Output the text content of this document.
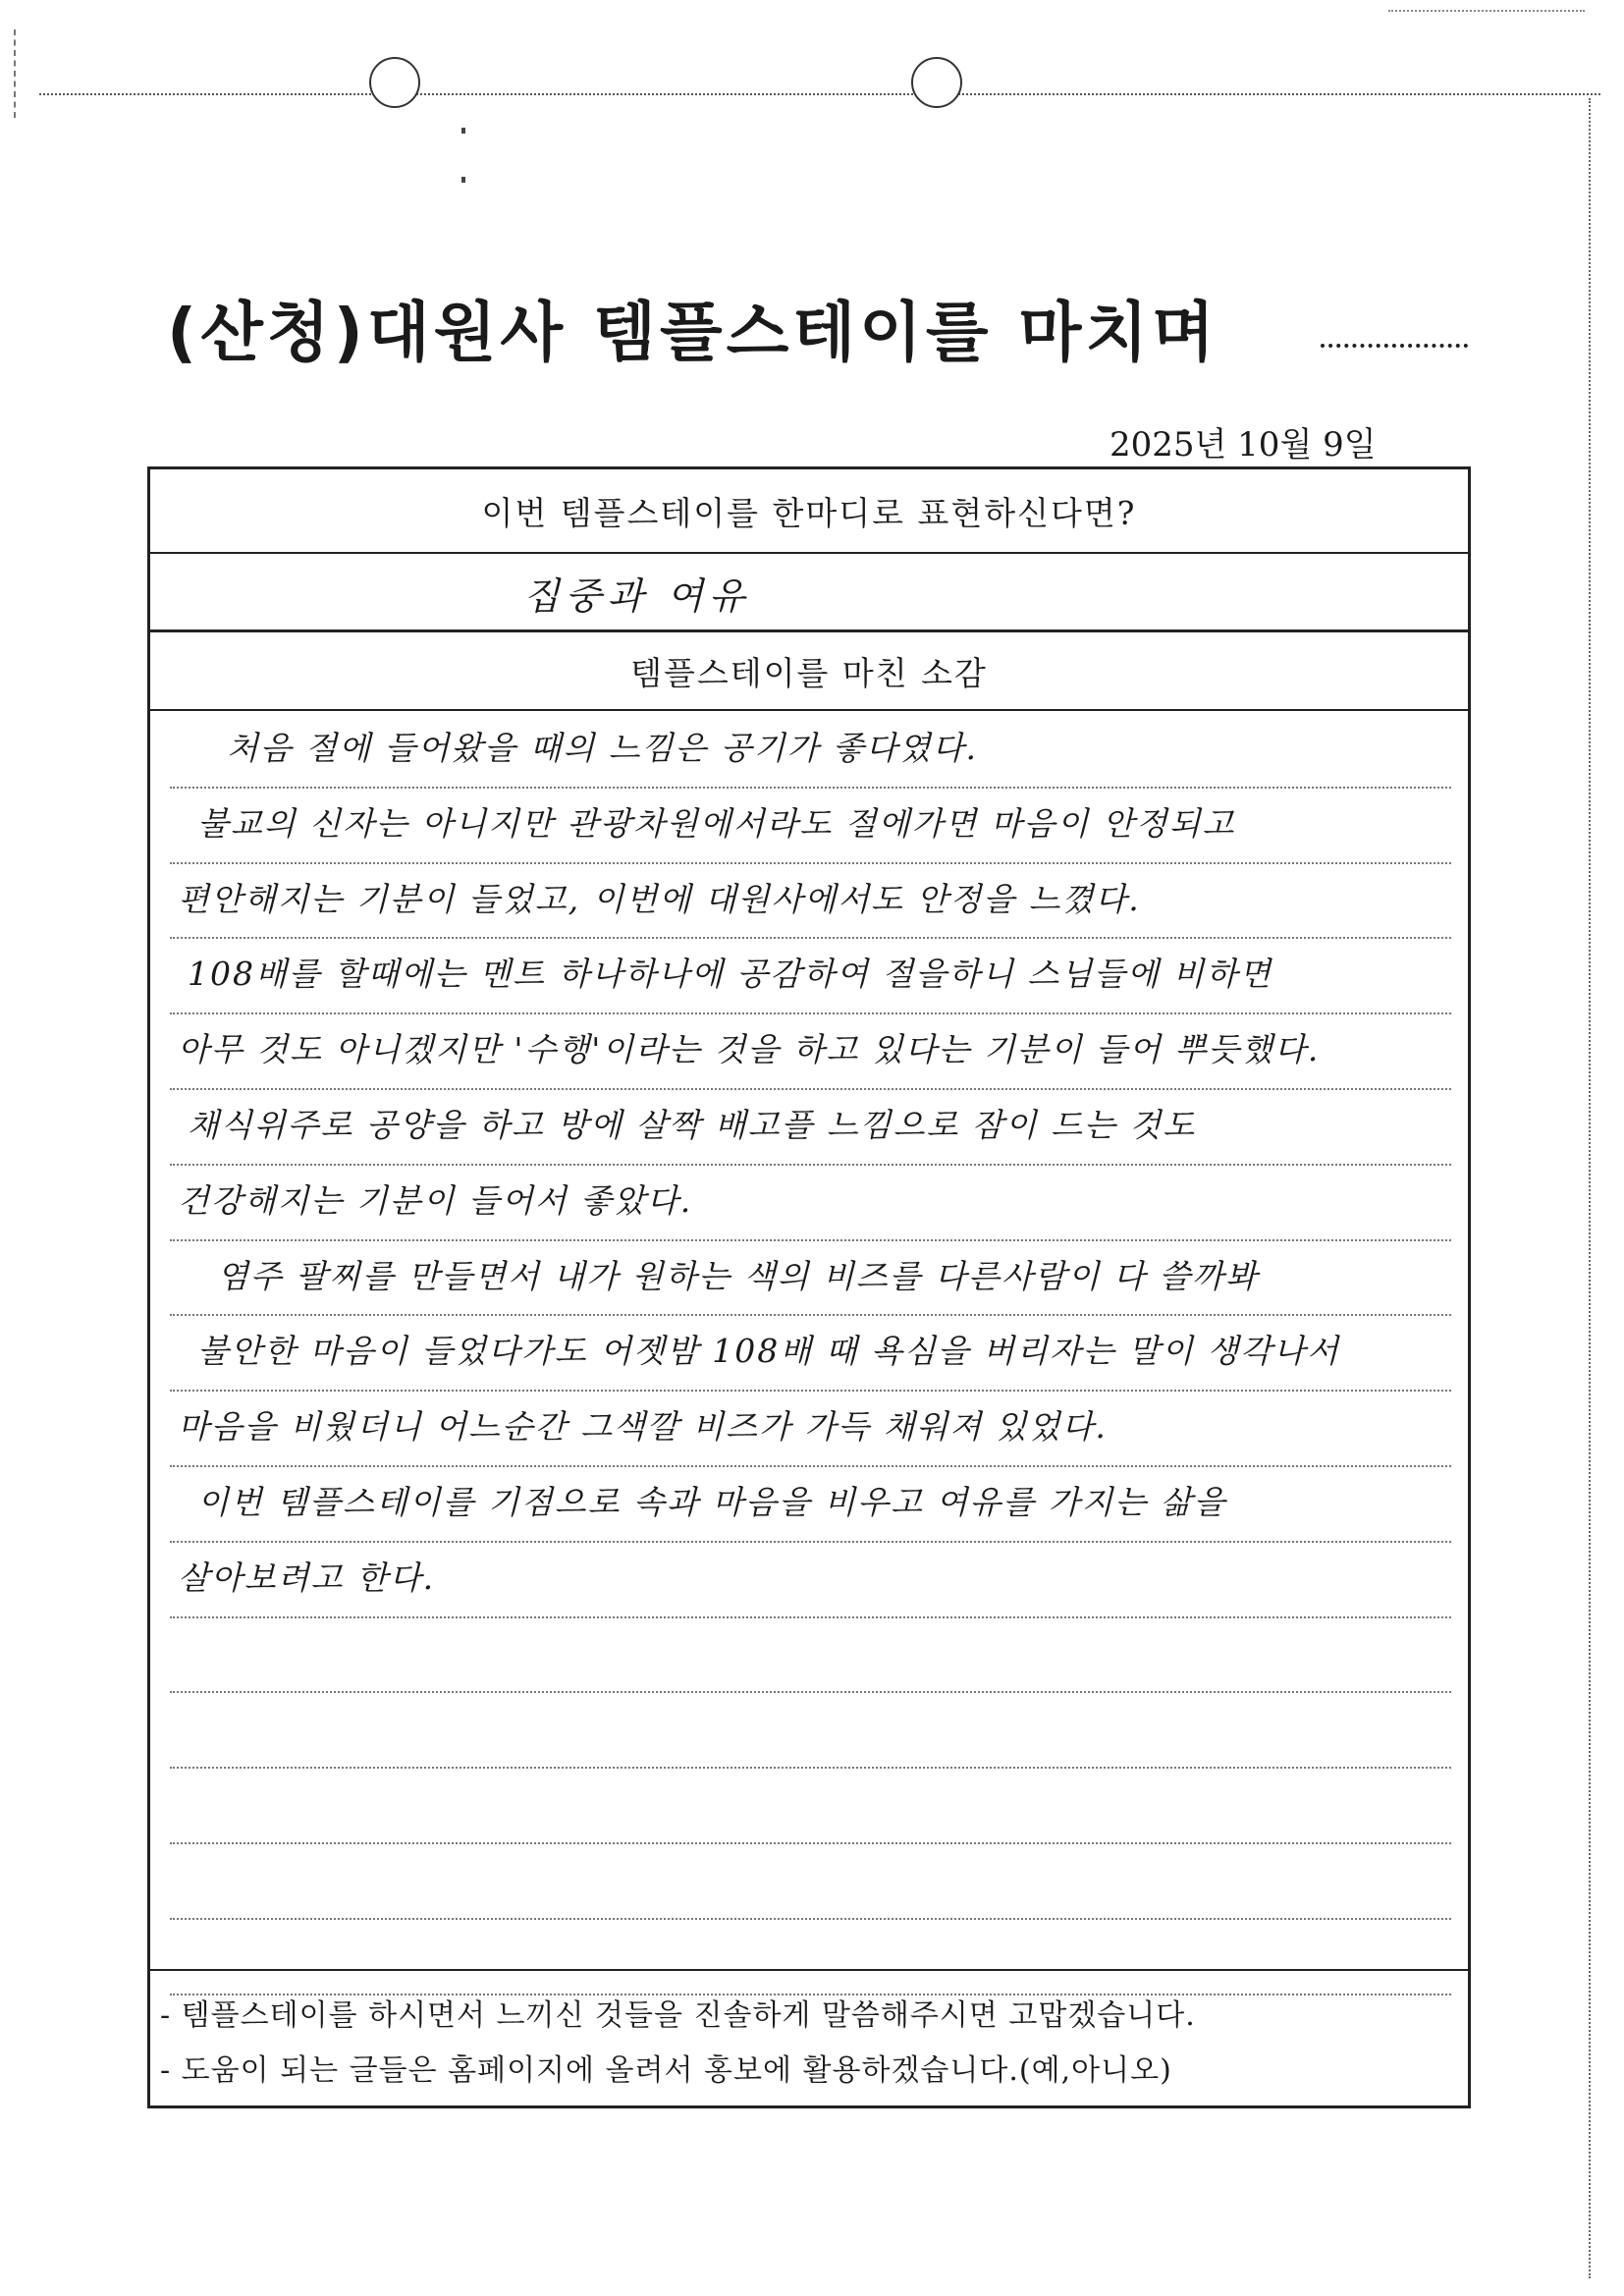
(산청)대원사 템플스테이를 마치며
2025년 10월 9일
이번 템플스테이를 한마디로 표현하신다면?
집중과 여유
템플스테이를 마친 소감
처음 절에 들어왔을 때의 느낌은 공기가 좋다였다.
불교의 신자는 아니지만 관광차원에서라도 절에가면 마음이 안정되고
편안해지는 기분이 들었고, 이번에 대원사에서도 안정을 느꼈다.
108배를 할때에는 멘트 하나하나에 공감하여 절을하니 스님들에 비하면
아무 것도 아니겠지만 '수행'이라는 것을 하고 있다는 기분이 들어 뿌듯했다.
채식위주로 공양을 하고 방에 살짝 배고플 느낌으로 잠이 드는 것도
건강해지는 기분이 들어서 좋았다.
염주 팔찌를 만들면서 내가 원하는 색의 비즈를 다른사람이 다 쓸까봐
불안한 마음이 들었다가도 어젯밤 108배 때 욕심을 버리자는 말이 생각나서
마음을 비웠더니 어느순간 그색깔 비즈가 가득 채워져 있었다.
이번 템플스테이를 기점으로 속과 마음을 비우고 여유를 가지는 삶을
살아보려고 한다.
- 템플스테이를 하시면서 느끼신 것들을 진솔하게 말씀해주시면 고맙겠습니다. - 도움이 되는 글들은 홈페이지에 올려서 홍보에 활용하겠습니다.(예,아니오)
